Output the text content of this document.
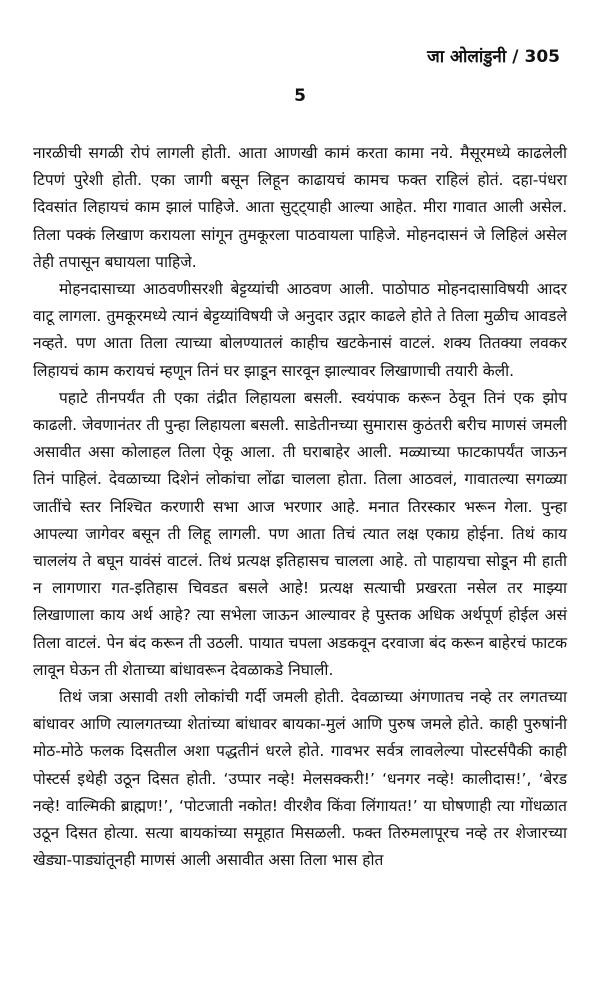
जा ओलांडुनी / 305
5

नारळीची सगळी रोपं लागली होती. आता आणखी कामं करता कामा नये. मैसूरमध्ये काढलेली टिपणं पुरेशी होती. एका जागी बसून लिहून काढायचं कामच फक्त राहिलं होतं. दहा-पंधरा दिवसांत लिहायचं काम झालं पाहिजे. आता सुट्ट्याही आल्या आहेत. मीरा गावात आली असेल. तिला पक्कं लिखाण करायला सांगून तुमकूरला पाठवायला पाहिजे. मोहनदासनं जे लिहिलं असेल तेही तपासून बघायला पाहिजे.

मोहनदासाच्या आठवणीसरशी बेट्टय्यांची आठवण आली. पाठोपाठ मोहनदासाविषयी आदर वाटू लागला. तुमकूरमध्ये त्यानं बेट्टय्यांविषयी जे अनुदार उद्गार काढले होते ते तिला मुळीच आवडले नव्हते. पण आता तिला त्याच्या बोलण्यातलं काहीच खटकेनासं वाटलं. शक्य तितक्या लवकर लिहायचं काम करायचं म्हणून तिनं घर झाडून सारवून झाल्यावर लिखाणाची तयारी केली.

पहाटे तीनपर्यंत ती एका तंद्रीत लिहायला बसली. स्वयंपाक करून ठेवून तिनं एक झोप काढली. जेवणानंतर ती पुन्हा लिहायला बसली. साडेतीनच्या सुमारास कुठंतरी बरीच माणसं जमली असावीत असा कोलाहल तिला ऐकू आला. ती घराबाहेर आली. मळ्याच्या फाटकापर्यंत जाऊन तिनं पाहिलं. देवळाच्या दिशेनं लोकांचा लोंढा चालला होता. तिला आठवलं, गावातल्या सगळ्या जातींचे स्तर निश्चित करणारी सभा आज भरणार आहे. मनात तिरस्कार भरून गेला. पुन्हा आपल्या जागेवर बसून ती लिहू लागली. पण आता तिचं त्यात लक्ष एकाग्र होईना. तिथं काय चाललंय ते बघून यावंसं वाटलं. तिथं प्रत्यक्ष इतिहासच चालला आहे. तो पाहायचा सोडून मी हाती न लागणारा गत-इतिहास चिवडत बसले आहे! प्रत्यक्ष सत्याची प्रखरता नसेल तर माझ्या लिखाणाला काय अर्थ आहे? त्या सभेला जाऊन आल्यावर हे पुस्तक अधिक अर्थपूर्ण होईल असं तिला वाटलं. पेन बंद करून ती उठली. पायात चपला अडकवून दरवाजा बंद करून बाहेरचं फाटक लावून घेऊन ती शेताच्या बांधावरून देवळाकडे निघाली.

तिथं जत्रा असावी तशी लोकांची गर्दी जमली होती. देवळाच्या अंगणातच नव्हे तर लगतच्या बांधावर आणि त्यालगतच्या शेतांच्या बांधावर बायका-मुलं आणि पुरुष जमले होते. काही पुरुषांनी मोठ-मोठे फलक दिसतील अशा पद्धतीनं धरले होते. गावभर सर्वत्र लावलेल्या पोस्टर्सपैकी काही पोस्टर्स इथेही उठून दिसत होती. ‘उप्पार नव्हे! मेलसक्करी!’ ‘धनगर नव्हे! कालीदास!’, ‘बेरड नव्हे! वाल्मिकी ब्राह्मण!’, ‘पोटजाती नकोत! वीरशैव किंवा लिंगायत!’ या घोषणाही त्या गोंधळात उठून दिसत होत्या. सत्या बायकांच्या समूहात मिसळली. फक्त तिरुमलापूरच नव्हे तर शेजारच्या खेड्या-पाड्यांतूनही माणसं आली असावीत असा तिला भास होत
